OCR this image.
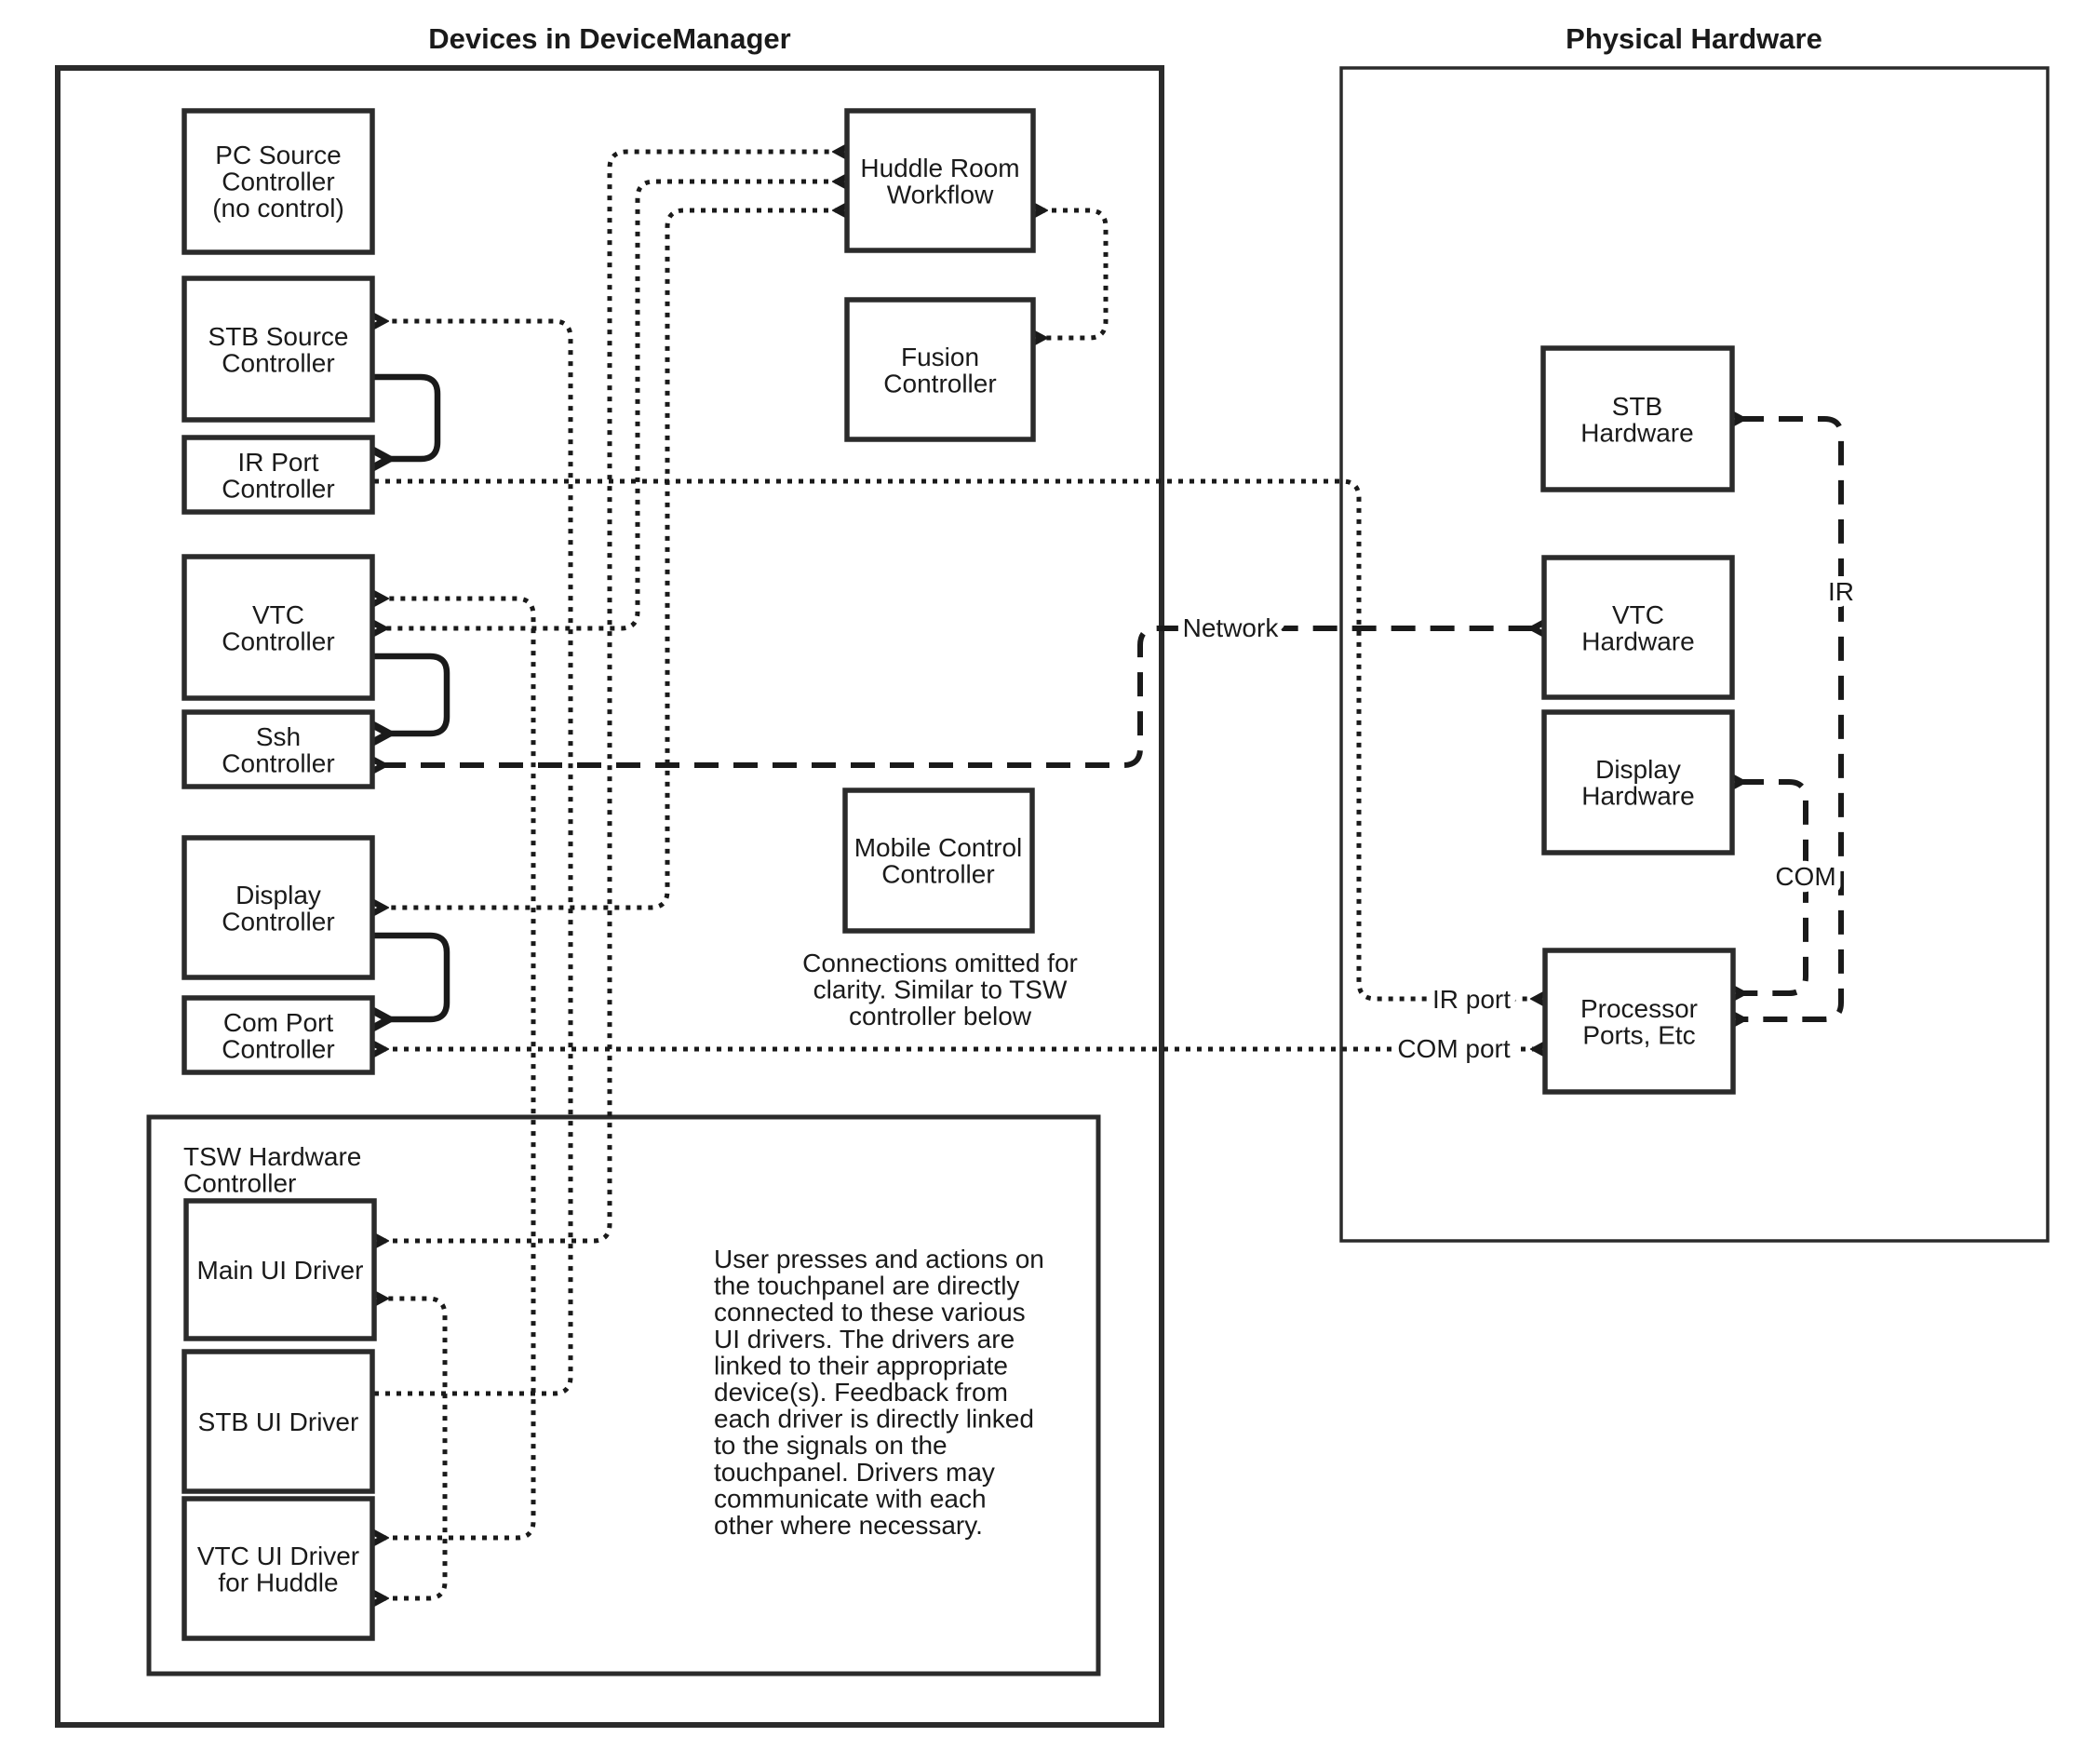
Devices in DeviceManager	Physical Hardware
Network
IR
COM
IR port
COM port
PC Source Controller (no control)
STB Source Controller
IR Port Controller
VTC Controller
Ssh Controller
Display Controller
Com Port Controller
Huddle Room Workflow
Fusion Controller
Mobile Control Controller
Connections omitted for clarity. Similar to TSW controller below
TSW Hardware Controller
Main UI Driver
STB UI Driver
VTC UI Driver for Huddle
User presses and actions on the touchpanel are directly connected to these various UI drivers. The drivers are linked to their appropriate device(s). Feedback from each driver is directly linked to the signals on the touchpanel. Drivers may communicate with each other where necessary.
STB Hardware
VTC Hardware
Display Hardware
Processor Ports, Etc
